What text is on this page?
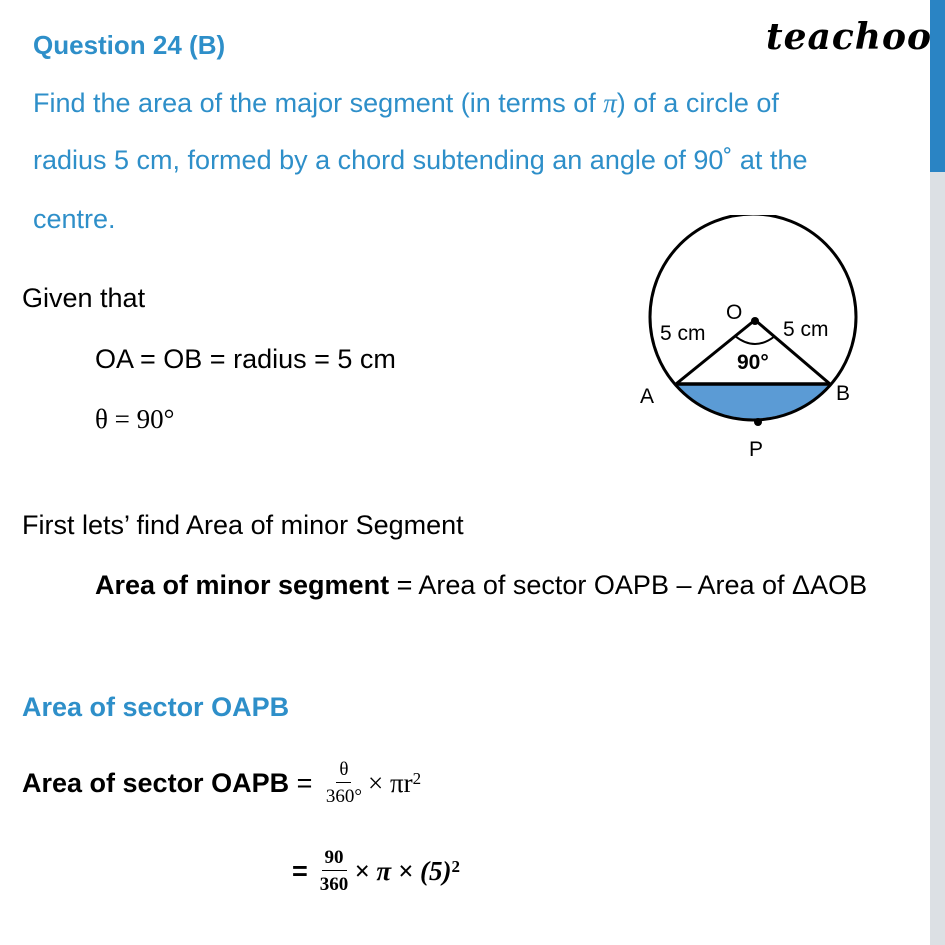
Question 24 (B)	teachoo
Find the area of the major segment (in terms of π) of a circle of
radius 5 cm, formed by a chord subtending an angle of 90˚ at the
centre.
Given that
OA = OB = radius = 5 cm
θ = 90°
First lets’ find Area of minor Segment
Area of minor segment = Area of sector OAPB – Area of ΔAOB
Area of sector OAPB
Area of sector OAPB = $\frac{\theta}{360^\circ} \times \pi r^2$
= $\frac{90}{360} \times \pi \times (5)^2$
O
5 cm	5 cm
90°
A	B
P
